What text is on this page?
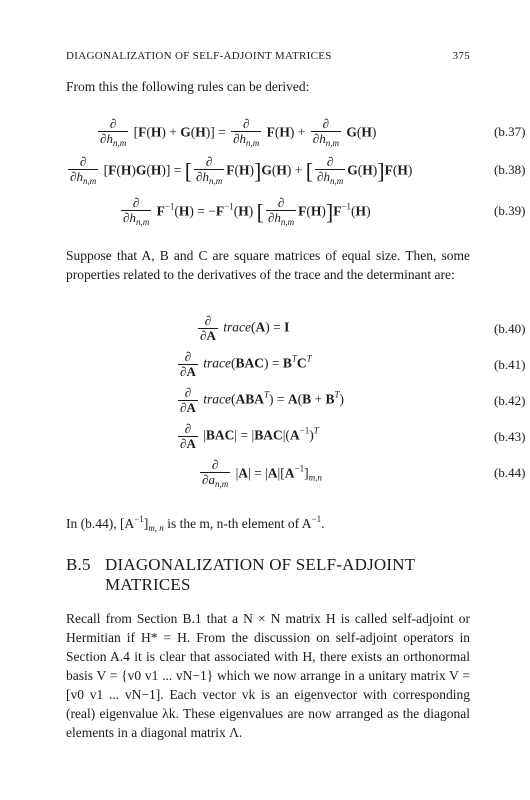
DIAGONALIZATION OF SELF-ADJOINT MATRICES	375
From this the following rules can be derived:
$\frac{\partial}{\partial h_{n,m}} [F(H) + G(H)] = \frac{\partial}{\partial h_{n,m}} F(H) + \frac{\partial}{\partial h_{n,m}} G(H)$	(b.37)
$\frac{\partial}{\partial h_{n,m}} [F(H)G(H)]$ = [ $\frac{\partial}{\partial h_{n,m}} F(H)]G(H)$ + [ $\frac{\partial}{\partial h_{n,m}} G(H)]F(H)$	(b.38)
$\frac{\partial}{\partial h_{n,m}} F^{-1}(H) = -F^{-1}(H)$ [ $\frac{\partial}{\partial h_{n,m}} F(H)]F^{-1}(H)$	(b.39)
Suppose that A, B and C are square matrices of equal size. Then, some properties related to the derivatives of the trace and the determinant are:
$\frac{\partial}{\partial A}$ trace(A) = I	(b.40)
$\frac{\partial}{\partial A}$ trace(BAC) = $B^TC^T$	(b.41)
$\frac{\partial}{\partial A}$ $trace(ABA^T) = A(B + B^T)$	(b.42)
$\frac{\partial}{\partial A} |BAC| = |BAC|(A^{-1})^T$	(b.43)
$\frac{\partial}{\partial a_{n,m}} |A| = |A|[A^{-1}]_{m,n}$	(b.44)
In (b.44), $[A^{-1}]_{m, n}$ is the m, n-th element of $A^{-1}$.
B.5 DIAGONALIZATION OF SELF-ADJOINT MATRICES
Recall from Section B.1 that a N × N matrix H is called self-adjoint or Hermitian if H* = H. From the discussion on self-adjoint operators in Section A.4 it is clear that associated with H, there exists an orthonormal basis V = {v0 v1 ... vN−1} which we now arrange in a unitary matrix V = [v0 v1 ... vN−1]. Each vector vk is an eigenvector with corresponding (real) eigenvalue λk. These eigenvalues are now arranged as the diagonal elements in a diagonal matrix Λ.
